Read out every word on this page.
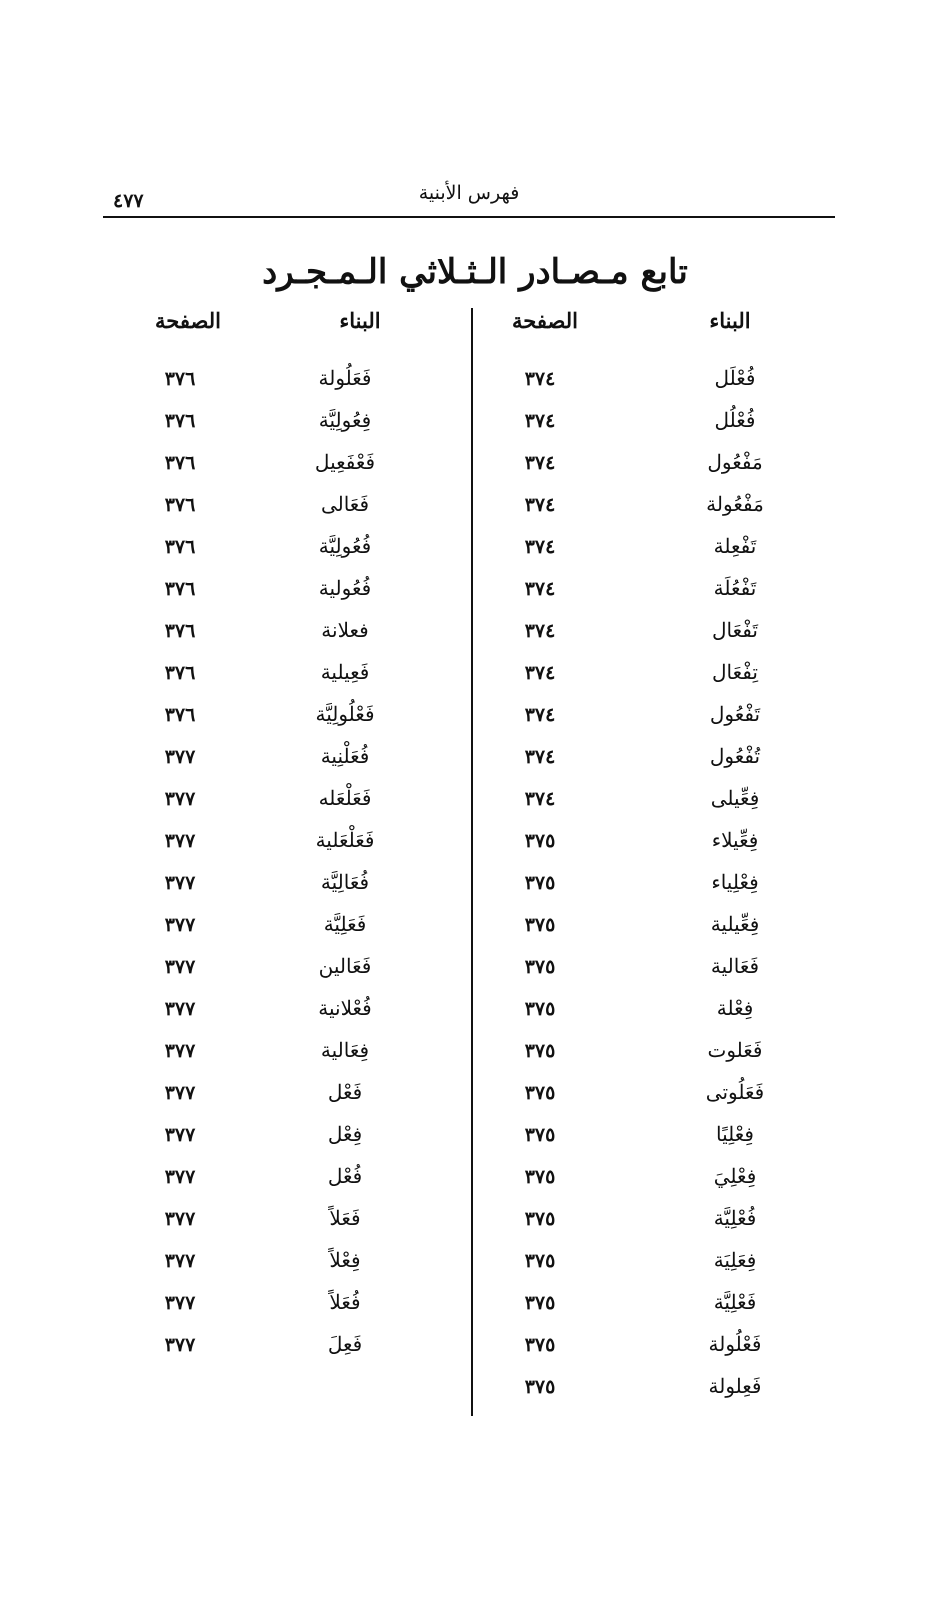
٤٧٧	فهرس الأبنية
تابع مـصـادر الـثـلاثي الـمـجـرد
البناء
الصفحة
البناء
الصفحة
فُعْلَل
٣٧٤
فُعْلُل
٣٧٤
مَفْعُول
٣٧٤
مَفْعُولة
٣٧٤
تَفْعِلة
٣٧٤
تَفْعُلَة
٣٧٤
تَفْعَال
٣٧٤
تِفْعَال
٣٧٤
تَفْعُول
٣٧٤
تُفْعُول
٣٧٤
فِعِّيلى
٣٧٤
فِعِّيلاء
٣٧٥
فِعْلِياء
٣٧٥
فِعِّيلية
٣٧٥
فَعَالية
٣٧٥
فِعْلة
٣٧٥
فَعَلوت
٣٧٥
فَعَلُوتى
٣٧٥
فِعْلِيًا
٣٧٥
فِعْلِيَ
٣٧٥
فُعْلِيَّة
٣٧٥
فِعَلِيَة
٣٧٥
فَعْلِيَّة
٣٧٥
فَعْلُولة
٣٧٥
فَعِلولة
٣٧٥
فَعَلُولة
٣٧٦
فِعُولِيَّة
٣٧٦
فَعْفَعِيل
٣٧٦
فَعَالى
٣٧٦
فُعُولِيَّة
٣٧٦
فُعُولية
٣٧٦
فعلانة
٣٧٦
فَعِيلية
٣٧٦
فَعْلُولِيَّة
٣٧٦
فُعَلْنِية
٣٧٧
فَعَلْعَله
٣٧٧
فَعَلْعَلية
٣٧٧
فُعَالِيَّة
٣٧٧
فَعَلِيَّة
٣٧٧
فَعَالين
٣٧٧
فُعْلانية
٣٧٧
فِعَالية
٣٧٧
فَعْل
٣٧٧
فِعْل
٣٧٧
فُعْل
٣٧٧
فَعَلاً
٣٧٧
فِعْلاً
٣٧٧
فُعَلاً
٣٧٧
فَعِلَ
٣٧٧
